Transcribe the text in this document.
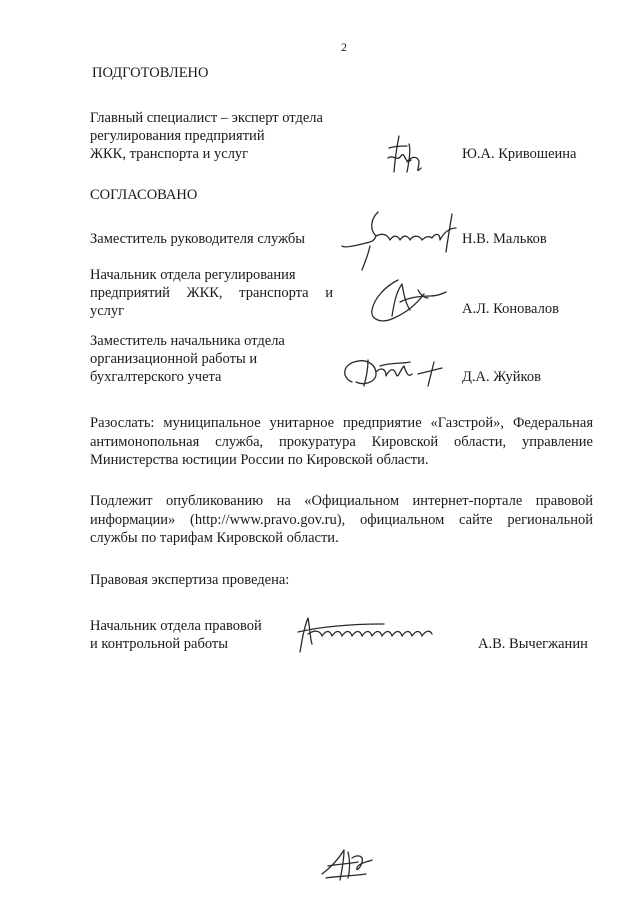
2
ПОДГОТОВЛЕНО
Главный специалист – эксперт отдела
регулирования предприятий
ЖКК, транспорта и услуг	Ю.А. Кривошеина
СОГЛАСОВАНО
Заместитель руководителя службы	Н.В. Мальков
Начальник отдела регулирования
предприятий ЖКК, транспорта и
услуг	А.Л. Коновалов
Заместитель начальника отдела
организационной работы и
бухгалтерского учета	Д.А. Жуйков
Разослать: муниципальное унитарное предприятие «Газстрой», Федеральная антимонопольная служба, прокуратура Кировской области, управление Министерства юстиции России по Кировской области.
Подлежит опубликованию на «Официальном интернет-портале правовой информации» (http://www.pravo.gov.ru), официальном сайте региональной службы по тарифам Кировской области.
Правовая экспертиза проведена:
Начальник отдела правовой
и контрольной работы	А.В. Вычегжанин
